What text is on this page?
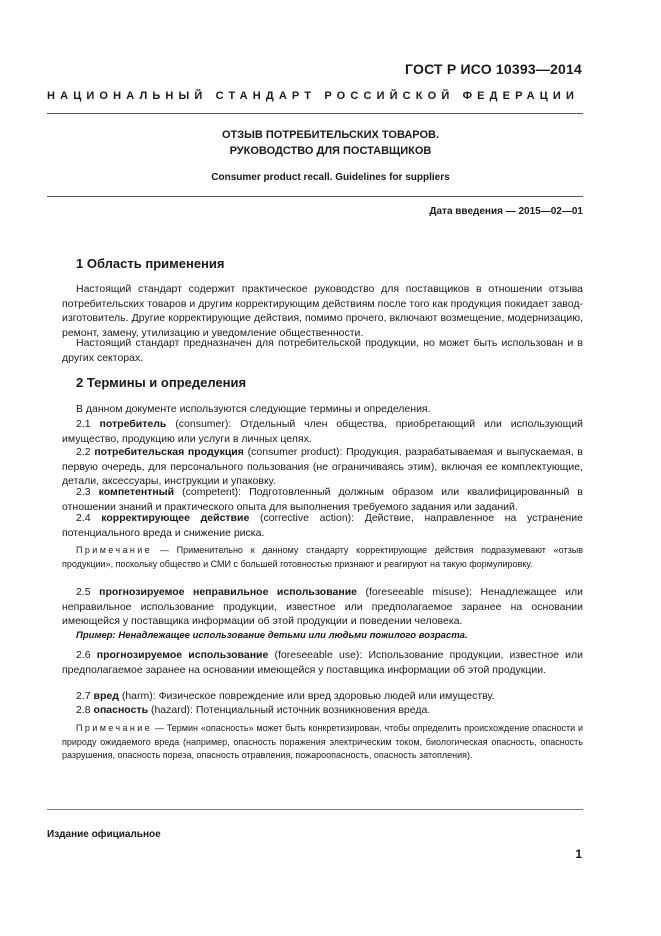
ГОСТ Р ИСО 10393—2014
НАЦИОНАЛЬНЫЙ СТАНДАРТ РОССИЙСКОЙ ФЕДЕРАЦИИ
ОТЗЫВ ПОТРЕБИТЕЛЬСКИХ ТОВАРОВ.
РУКОВОДСТВО ДЛЯ ПОСТАВЩИКОВ
Consumer product recall. Guidelines for suppliers
Дата введения — 2015—02—01
1 Область применения
Настоящий стандарт содержит практическое руководство для поставщиков в отношении отзыва потребительских товаров и другим корректирующим действиям после того как продукция покидает завод-изготовитель. Другие корректирующие действия, помимо прочего, включают возмещение, модернизацию, ремонт, замену, утилизацию и уведомление общественности.
Настоящий стандарт предназначен для потребительской продукции, но может быть использован и в других секторах.
2 Термины и определения
В данном документе используются следующие термины и определения.
2.1 потребитель (consumer): Отдельный член общества, приобретающий или использующий имущество, продукцию или услуги в личных целях.
2.2 потребительская продукция (consumer product): Продукция, разрабатываемая и выпускаемая, в первую очередь, для персонального пользования (не ограничиваясь этим), включая ее комплектующие, детали, аксессуары, инструкции и упаковку.
2.3 компетентный (competent): Подготовленный должным образом или квалифицированный в отношении знаний и практического опыта для выполнения требуемого задания или заданий.
2.4 корректирующее действие (corrective action): Действие, направленное на устранение потенциального вреда и снижение риска.
Примечание — Применительно к данному стандарту корректирующие действия подразумевают «отзыв продукции», поскольку общество и СМИ с большей готовностью признают и реагируют на такую формулировку.
2.5 прогнозируемое неправильное использование (foreseeable misuse): Ненадлежащее или неправильное использование продукции, известное или предполагаемое заранее на основании имеющейся у поставщика информации об этой продукции и поведении человека.
Пример: Ненадлежащее использование детьми или людьми пожилого возраста.
2.6 прогнозируемое использование (foreseeable use): Использование продукции, известное или предполагаемое заранее на основании имеющейся у поставщика информации об этой продукции.
2.7 вред (harm): Физическое повреждение или вред здоровью людей или имуществу.
2.8 опасность (hazard): Потенциальный источник возникновения вреда.
Примечание — Термин «опасность» может быть конкретизирован, чтобы определить происхождение опасности и природу ожидаемого вреда (например, опасность поражения электрическим током, биологическая опасность, опасность разрушения, опасность пореза, опасность отравления, пожароопасность, опасность затопления).
Издание официальное
1
